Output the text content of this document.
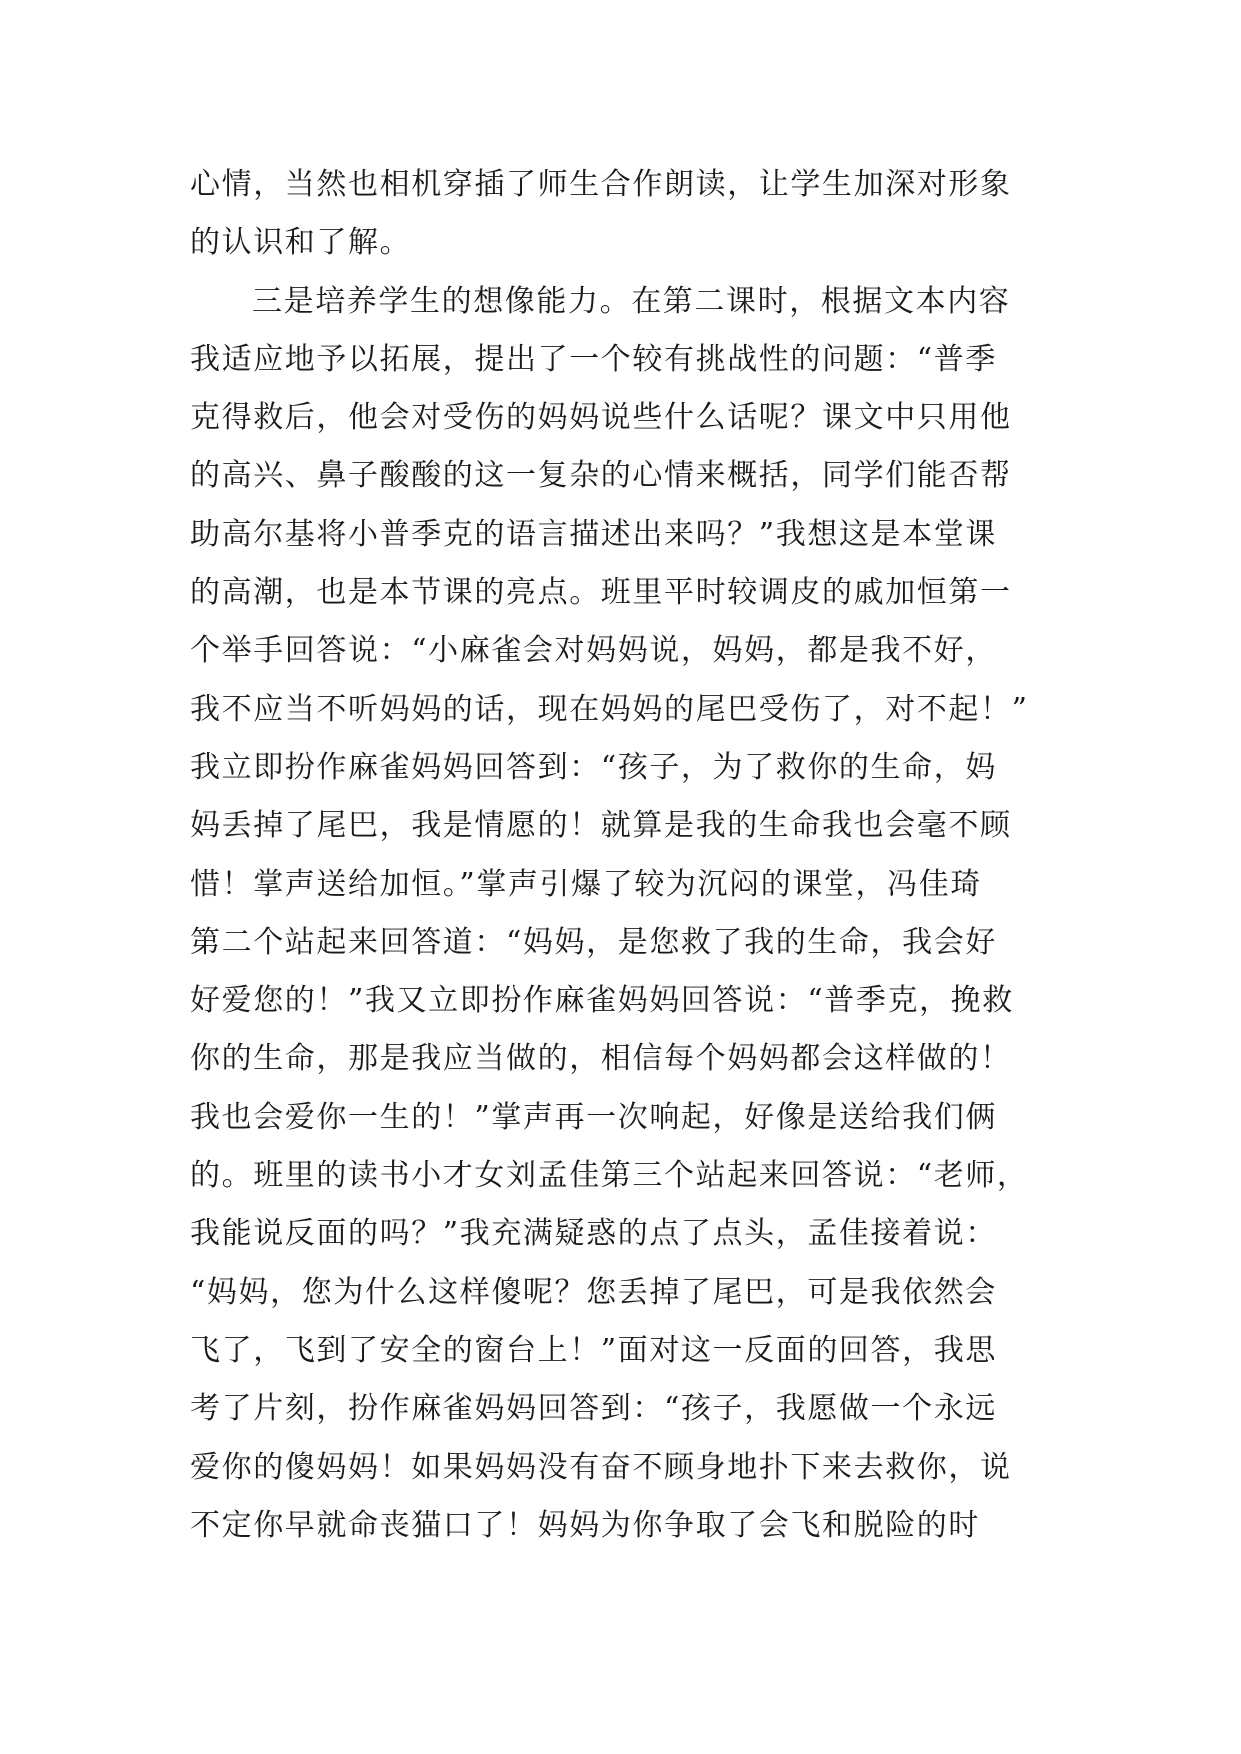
心情，当然也相机穿插了师生合作朗读，让学生加深对形象
的认识和了解。
三是培养学生的想像能力。在第二课时，根据文本内容
我适应地予以拓展，提出了一个较有挑战性的问题：“普季
克得救后，他会对受伤的妈妈说些什么话呢？课文中只用他
的高兴、鼻子酸酸的这一复杂的心情来概括，同学们能否帮
助高尔基将小普季克的语言描述出来吗？”我想这是本堂课
的高潮，也是本节课的亮点。班里平时较调皮的戚加恒第一
个举手回答说：“小麻雀会对妈妈说，妈妈，都是我不好，
我不应当不听妈妈的话，现在妈妈的尾巴受伤了，对不起！”
我立即扮作麻雀妈妈回答到：“孩子，为了救你的生命，妈
妈丢掉了尾巴，我是情愿的！就算是我的生命我也会毫不顾
惜！掌声送给加恒。”掌声引爆了较为沉闷的课堂，冯佳琦
第二个站起来回答道：“妈妈，是您救了我的生命，我会好
好爱您的！”我又立即扮作麻雀妈妈回答说：“普季克，挽救
你的生命，那是我应当做的，相信每个妈妈都会这样做的！
我也会爱你一生的！”掌声再一次响起，好像是送给我们俩
的。班里的读书小才女刘孟佳第三个站起来回答说：“老师，
我能说反面的吗？”我充满疑惑的点了点头，孟佳接着说：
“妈妈，您为什么这样傻呢？您丢掉了尾巴，可是我依然会
飞了，飞到了安全的窗台上！”面对这一反面的回答，我思
考了片刻，扮作麻雀妈妈回答到：“孩子，我愿做一个永远
爱你的傻妈妈！如果妈妈没有奋不顾身地扑下来去救你，说
不定你早就命丧猫口了！妈妈为你争取了会飞和脱险的时
